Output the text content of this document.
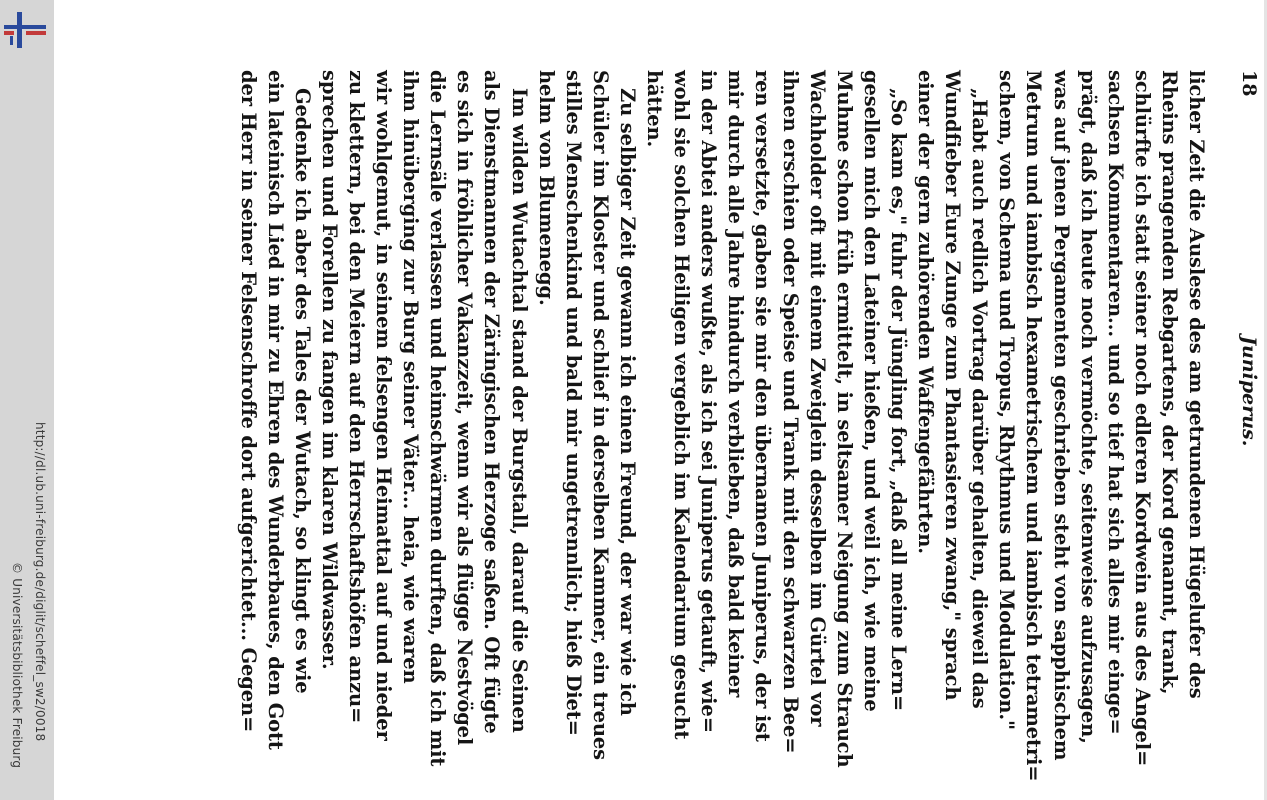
http://dl.ub.uni-freiburg.de/diglit/scheffel_sw2/0018
© Universitätsbibliothek Freiburg
18
Juniperus.
licher Zeit die Auslese des am getrundenen Hügelufer des
Rheins prangenden Rebgartens, der Kord genannt, trank,
schlürfte ich statt seiner noch edleren Kordwein aus des Angel=
sachsen Kommentaren... und so tief hat sich alles mir einge=
prägt, daß ich heute noch vermöchte, seitenweise aufzusagen,
was auf jenen Pergamenten geschrieben steht von sapphischem
Metrum und iambisch hexametrischem und iambisch tetrametri=
schem, von Schema und Tropus, Rhythmus und Modulation."
„Habt auch redlich Vortrag darüber gehalten, dieweil das
Wundfieber Eure Zunge zum Phantasieren zwang," sprach
einer der gern zuhörenden Waffengefährten.
„So kam es," fuhr der Jüngling fort, „daß all meine Lern=
gesellen mich den Lateiner hießen, und weil ich, wie meine
Muhme schon früh ermittelt, in seltsamer Neigung zum Strauch
Wachholder oft mit einem Zweiglein desselben im Gürtel vor
ihnen erschien oder Speise und Trank mit den schwarzen Bee=
ren versetzte, gaben sie mir den übernamen Juniperus, der ist
mir durch alle Jahre hindurch verblieben, daß bald keiner
in der Abtei anders wußte, als ich sei Juniperus getauft, wie=
wohl sie solchen Heiligen vergeblich im Kalendarium gesucht
hätten.
Zu selbiger Zeit gewann ich einen Freund, der war wie ich
Schüler im Kloster und schlief in derselben Kammer, ein treues
stilles Menschenkind und bald mir ungetrennlich; hieß Diet=
helm von Blumenegg.
Im wilden Wutachtal stand der Burgstall, darauf die Seinen
als Dienstmannen der Zäringischen Herzoge saßen. Oft fügte
es sich in fröhlicher Vakanzzeit, wenn wir als flügge Nestvögel
die Lernsäle verlassen und heimschwärmen durften, daß ich mit
ihm hinüberging zur Burg seiner Väter... heia, wie waren
wir wohlgemut, in seinem felsengen Heimattal auf und nieder
zu klettern, bei den Meiern auf den Herrschaftshöfen anzu=
sprechen und Forellen zu fangen im klaren Wildwasser.
Gedenke ich aber des Tales der Wutach, so klingt es wie
ein lateinisch Lied in mir zu Ehren des Wunderbaues, den Gott
der Herr in seiner Felsenschroffe dort aufgerichtet... Gegen=
